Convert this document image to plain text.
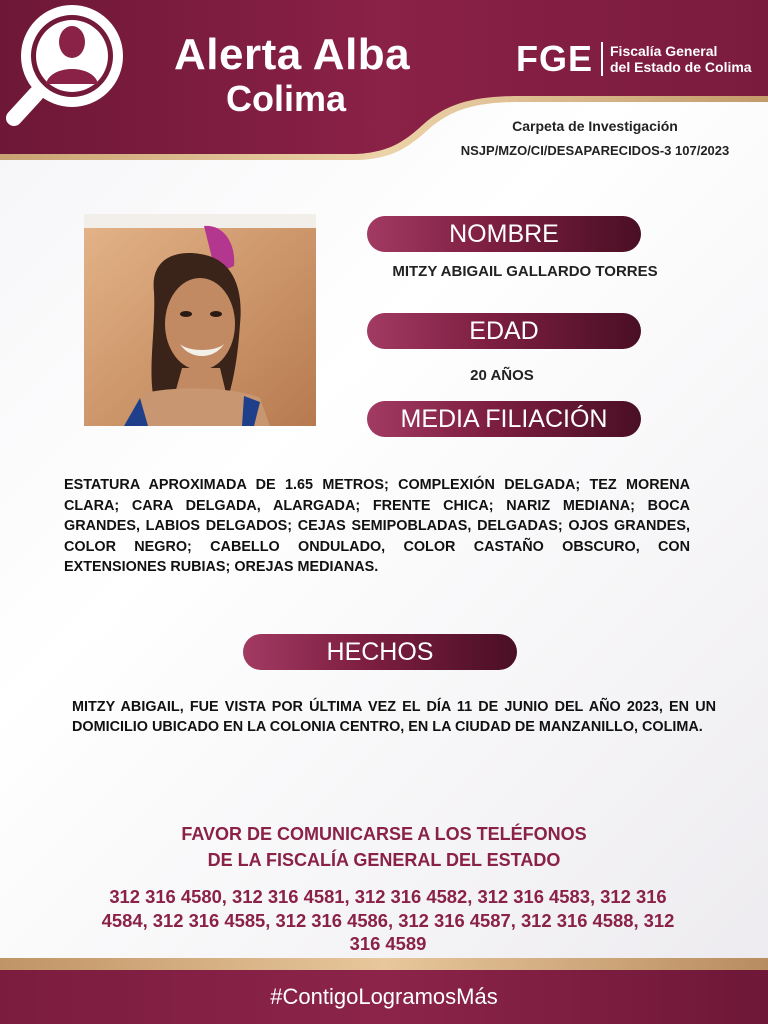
Alerta Alba
Colima
FGE Fiscalía General
del Estado de Colima
Carpeta de Investigación
NSJP/MZO/CI/DESAPARECIDOS-3 107/2023
NOMBRE
MITZY ABIGAIL GALLARDO TORRES
EDAD
20 AÑOS
MEDIA FILIACIÓN
ESTATURA APROXIMADA DE 1.65 METROS; COMPLEXIÓN DELGADA; TEZ MORENA CLARA; CARA DELGADA, ALARGADA; FRENTE CHICA; NARIZ MEDIANA; BOCA GRANDES, LABIOS DELGADOS; CEJAS SEMIPOBLADAS, DELGADAS; OJOS GRANDES, COLOR NEGRO; CABELLO ONDULADO, COLOR CASTAÑO OBSCURO, CON EXTENSIONES RUBIAS; OREJAS MEDIANAS.
HECHOS
MITZY ABIGAIL, FUE VISTA POR ÚLTIMA VEZ EL DÍA 11 DE JUNIO DEL AÑO 2023, EN UN DOMICILIO UBICADO EN LA COLONIA CENTRO, EN LA CIUDAD DE MANZANILLO, COLIMA.
FAVOR DE COMUNICARSE A LOS TELÉFONOS
DE LA FISCALÍA GENERAL DEL ESTADO
312 316 4580, 312 316 4581, 312 316 4582, 312 316 4583, 312 316 4584, 312 316 4585, 312 316 4586, 312 316 4587, 312 316 4588, 312 316 4589
#ContigoLogramosMás
